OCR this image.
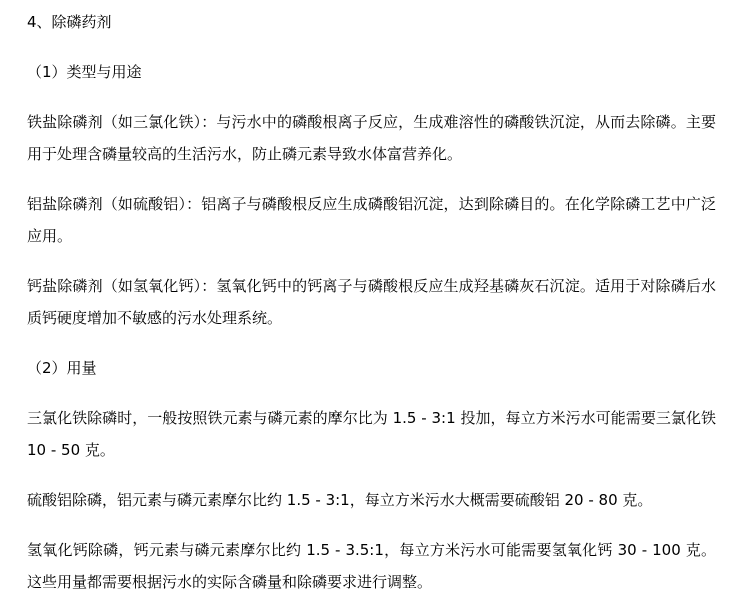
4、除磷药剂

（1）类型与用途

铁盐除磷剂（如三氯化铁）：与污水中的磷酸根离子反应，生成难溶性的磷酸铁沉淀，从而去除磷。主要用于处理含磷量较高的生活污水，防止磷元素导致水体富营养化。

铝盐除磷剂（如硫酸铝）：铝离子与磷酸根反应生成磷酸铝沉淀，达到除磷目的。在化学除磷工艺中广泛应用。

钙盐除磷剂（如氢氧化钙）：氢氧化钙中的钙离子与磷酸根反应生成羟基磷灰石沉淀。适用于对除磷后水质钙硬度增加不敏感的污水处理系统。

（2）用量

三氯化铁除磷时，一般按照铁元素与磷元素的摩尔比为 1.5 - 3:1 投加，每立方米污水可能需要三氯化铁 10 - 50 克。

硫酸铝除磷，铝元素与磷元素摩尔比约 1.5 - 3:1，每立方米污水大概需要硫酸铝 20 - 80 克。

氢氧化钙除磷，钙元素与磷元素摩尔比约 1.5 - 3.5:1，每立方米污水可能需要氢氧化钙 30 - 100 克。这些用量都需要根据污水的实际含磷量和除磷要求进行调整。
